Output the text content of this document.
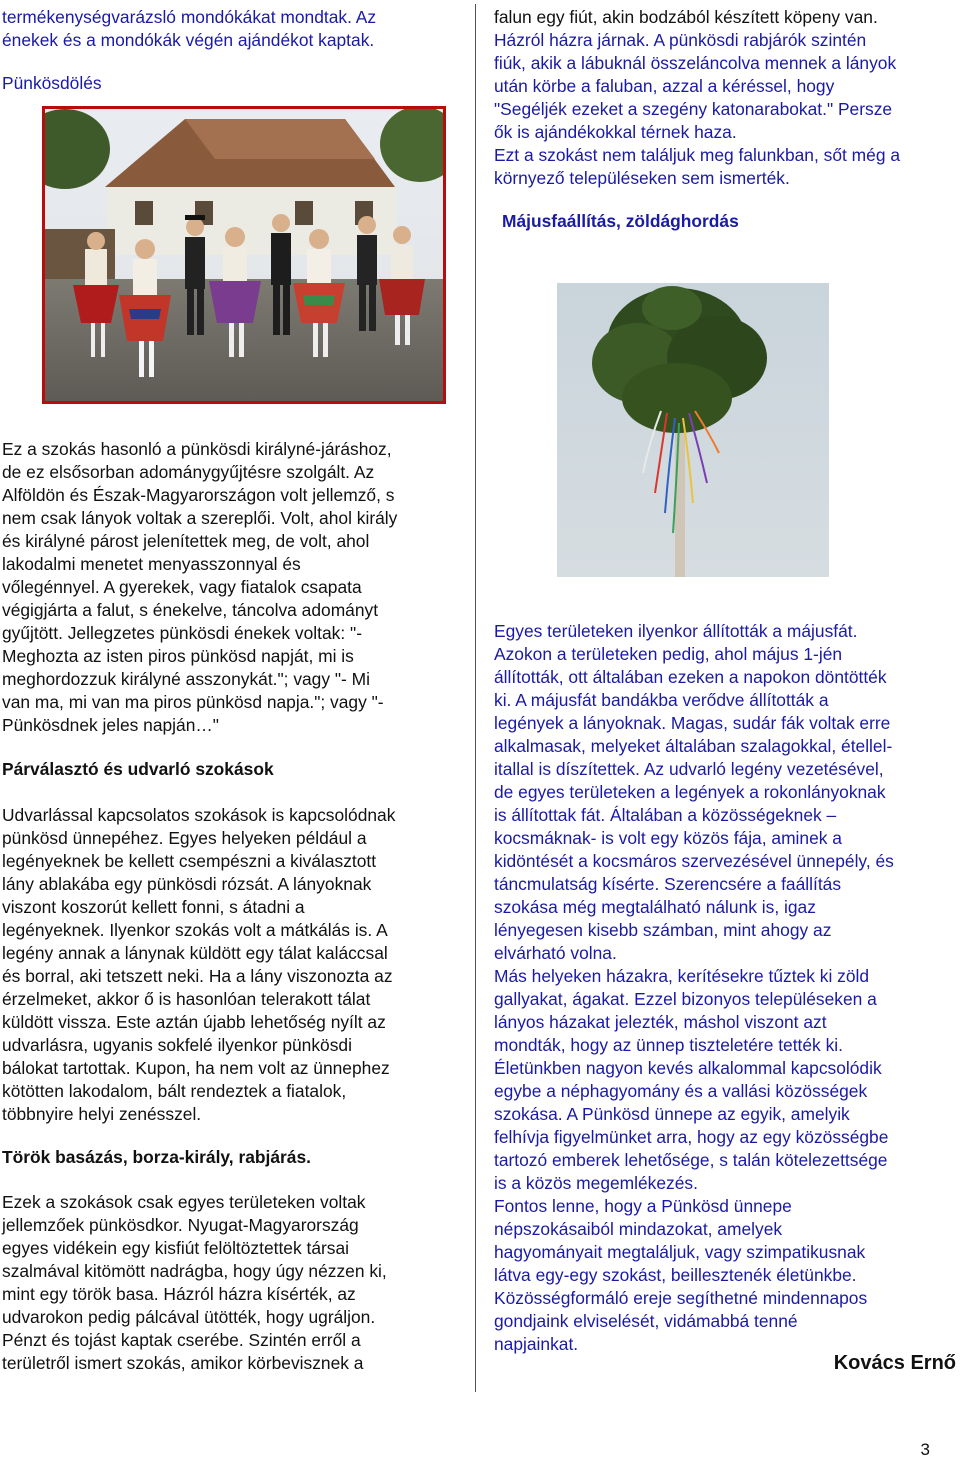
termékenységvarázsló mondókákat mondtak. Az

énekek és a mondókák végén ajándékot kaptak.

Pünkösdölés

Ez a szokás hasonló a pünkösdi királyné-járáshoz,

de ez elsősorban adománygyűjtésre szolgált. Az

Alföldön és Észak-Magyarországon volt jellemző, s

nem csak lányok voltak a szereplői. Volt, ahol király

és királyné párost jelenítettek meg, de volt, ahol

lakodalmi menetet menyasszonnyal és

vőlegénnyel. A gyerekek, vagy fiatalok csapata

végigjárta a falut, s énekelve, táncolva adományt

gyűjtött. Jellegzetes pünkösdi énekek voltak: "-

Meghozta az isten piros pünkösd napját, mi is

meghordozzuk királyné asszonykát."; vagy "- Mi

van ma, mi van ma piros pünkösd napja."; vagy "-

Pünkösdnek jeles napján…"

Párválasztó és udvarló szokások

Udvarlással kapcsolatos szokások is kapcsolódnak

pünkösd ünnepéhez. Egyes helyeken például a

legényeknek be kellett csempészni a kiválasztott

lány ablakába egy pünkösdi rózsát. A lányoknak

viszont koszorút kellett fonni, s átadni a

legényeknek. Ilyenkor szokás volt a mátkálás is. A

legény annak a lánynak küldött egy tálat kaláccsal

és borral, aki tetszett neki. Ha a lány viszonozta az

érzelmeket, akkor ő is hasonlóan telerakott tálat

küldött vissza. Este aztán újabb lehetőség nyílt az

udvarlásra, ugyanis sokfelé ilyenkor pünkösdi

bálokat tartottak. Kupon, ha nem volt az ünnephez

kötötten lakodalom, bált rendeztek a fiatalok,

többnyire helyi zenésszel.

Török basázás, borza-király, rabjárás.

Ezek a szokások csak egyes területeken voltak

jellemzőek pünkösdkor. Nyugat-Magyarország

egyes vidékein egy kisfiút felöltöztettek társai

szalmával kitömött nadrágba, hogy úgy nézzen ki,

mint egy török basa. Házról házra kísérték, az

udvarokon pedig pálcával ütötték, hogy ugráljon.

Pénzt és tojást kaptak cserébe. Szintén erről a

területről ismert szokás, amikor körbevisznek a

falun egy fiút, akin bodzából készített köpeny van.

Házról házra járnak. A pünkösdi rabjárók szintén

fiúk, akik a lábuknál összeláncolva mennek a lányok

után körbe a faluban, azzal a kéréssel, hogy

"Segéljék ezeket a szegény katonarabokat." Persze

ők is ajándékokkal térnek haza.

Ezt a szokást nem találjuk meg falunkban, sőt még a

környező településeken sem ismerték.

Májusfaállítás, zöldághordás

Egyes területeken ilyenkor állították a májusfát.

Azokon a területeken pedig, ahol május 1-jén

állították, ott általában ezeken a napokon döntötték

ki. A májusfát bandákba verődve állították a

legények a lányoknak. Magas, sudár fák voltak erre

alkalmasak, melyeket általában szalagokkal, étellel-

itallal is díszítettek. Az udvarló legény vezetésével,

de egyes területeken a legények a rokonlányoknak

is állítottak fát. Általában a közösségeknek –

kocsmáknak- is volt egy közös fája, aminek a

kidöntését a kocsmáros szervezésével ünnepély, és

táncmulatság kísérte. Szerencsére a faállítás

szokása még megtalálható nálunk is, igaz

lényegesen kisebb számban, mint ahogy az

elvárható volna.

Más helyeken házakra, kerítésekre tűztek ki zöld

gallyakat, ágakat. Ezzel bizonyos településeken a

lányos házakat jelezték, máshol viszont azt

mondták, hogy az ünnep tiszteletére tették ki.

Életünkben nagyon kevés alkalommal kapcsolódik

egybe a néphagyomány és a vallási közösségek

szokása. A Pünkösd ünnepe az egyik, amelyik

felhívja figyelmünket arra, hogy az egy közösségbe

tartozó emberek lehetősége, s talán kötelezettsége

is a közös megemlékezés.

Fontos lenne, hogy a Pünkösd ünnepe

népszokásaiból mindazokat, amelyek

hagyományait megtaláljuk, vagy szimpatikusnak

látva egy-egy szokást, beillesztenék életünkbe.

Közösségformáló ereje segíthetné mindennapos

gondjaink elviselését, vidámabbá tenné

napjainkat.

Kovács Ernő
3
